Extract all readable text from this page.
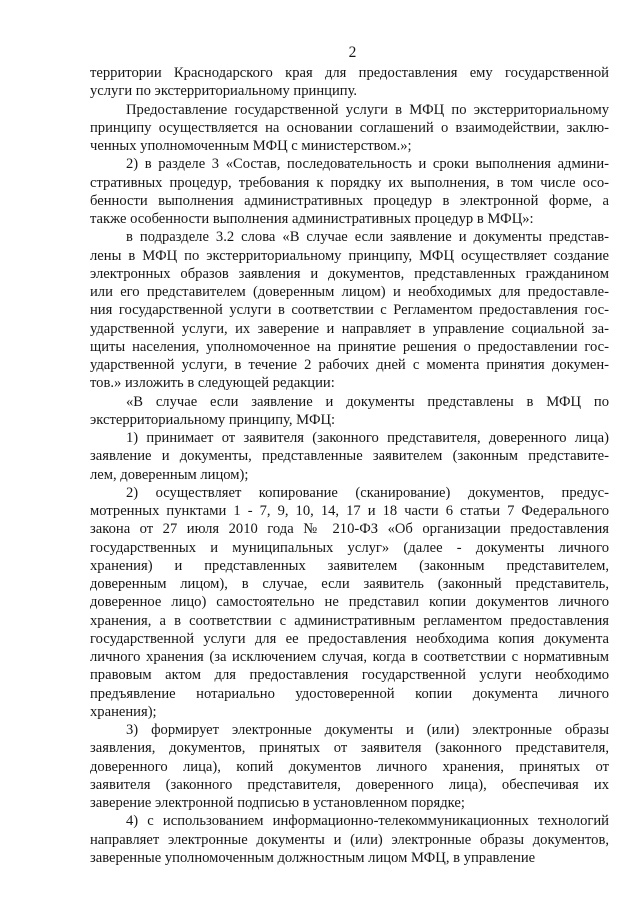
2

территории Краснодарского края для предоставления ему государственной
услуги по экстерриториальному принципу.

Предоставление государственной услуги в МФЦ по экстерриториальному
принципу осуществляется на основании соглашений о взаимодействии, заклю-
ченных уполномоченным МФЦ с министерством.»;

2) в разделе 3 «Состав, последовательность и сроки выполнения админи-
стративных процедур, требования к порядку их выполнения, в том числе осо-
бенности выполнения административных процедур в электронной форме, а
также особенности выполнения административных процедур в МФЦ»:

в подразделе 3.2 слова «В случае если заявление и документы представ-
лены в МФЦ по экстерриториальному принципу, МФЦ осуществляет создание
электронных образов заявления и документов, представленных гражданином
или его представителем (доверенным лицом) и необходимых для предоставле-
ния государственной услуги в соответствии с Регламентом предоставления гос-
ударственной услуги, их заверение и направляет в управление социальной за-
щиты населения, уполномоченное на принятие решения о предоставлении гос-
ударственной услуги, в течение 2 рабочих дней с момента принятия докумен-
тов.» изложить в следующей редакции:

«В случае если заявление и документы представлены в МФЦ по
экстерриториальному принципу, МФЦ:

1) принимает от заявителя (законного представителя, доверенного лица)
заявление и документы, представленные заявителем (законным представите-
лем, доверенным лицом);

2) осуществляет копирование (сканирование) документов, предус-
мотренных пунктами 1 - 7, 9, 10, 14, 17 и 18 части 6 статьи 7 Федерального
закона от 27 июля 2010 года № 210-ФЗ «Об организации предоставления
государственных и муниципальных услуг» (далее - документы личного
хранения) и представленных заявителем (законным представителем,
доверенным лицом), в случае, если заявитель (законный представитель,
доверенное лицо) самостоятельно не представил копии документов личного
хранения, а в соответствии с административным регламентом предоставления
государственной услуги для ее предоставления необходима копия документа
личного хранения (за исключением случая, когда в соответствии с нормативным
правовым актом для предоставления государственной услуги необходимо
предъявление нотариально удостоверенной копии документа личного
хранения);

3) формирует электронные документы и (или) электронные образы
заявления, документов, принятых от заявителя (законного представителя,
доверенного лица), копий документов личного хранения, принятых от
заявителя (законного представителя, доверенного лица), обеспечивая их
заверение электронной подписью в установленном порядке;

4) с использованием информационно-телекоммуникационных технологий
направляет электронные документы и (или) электронные образы документов,
заверенные уполномоченным должностным лицом МФЦ, в управление
